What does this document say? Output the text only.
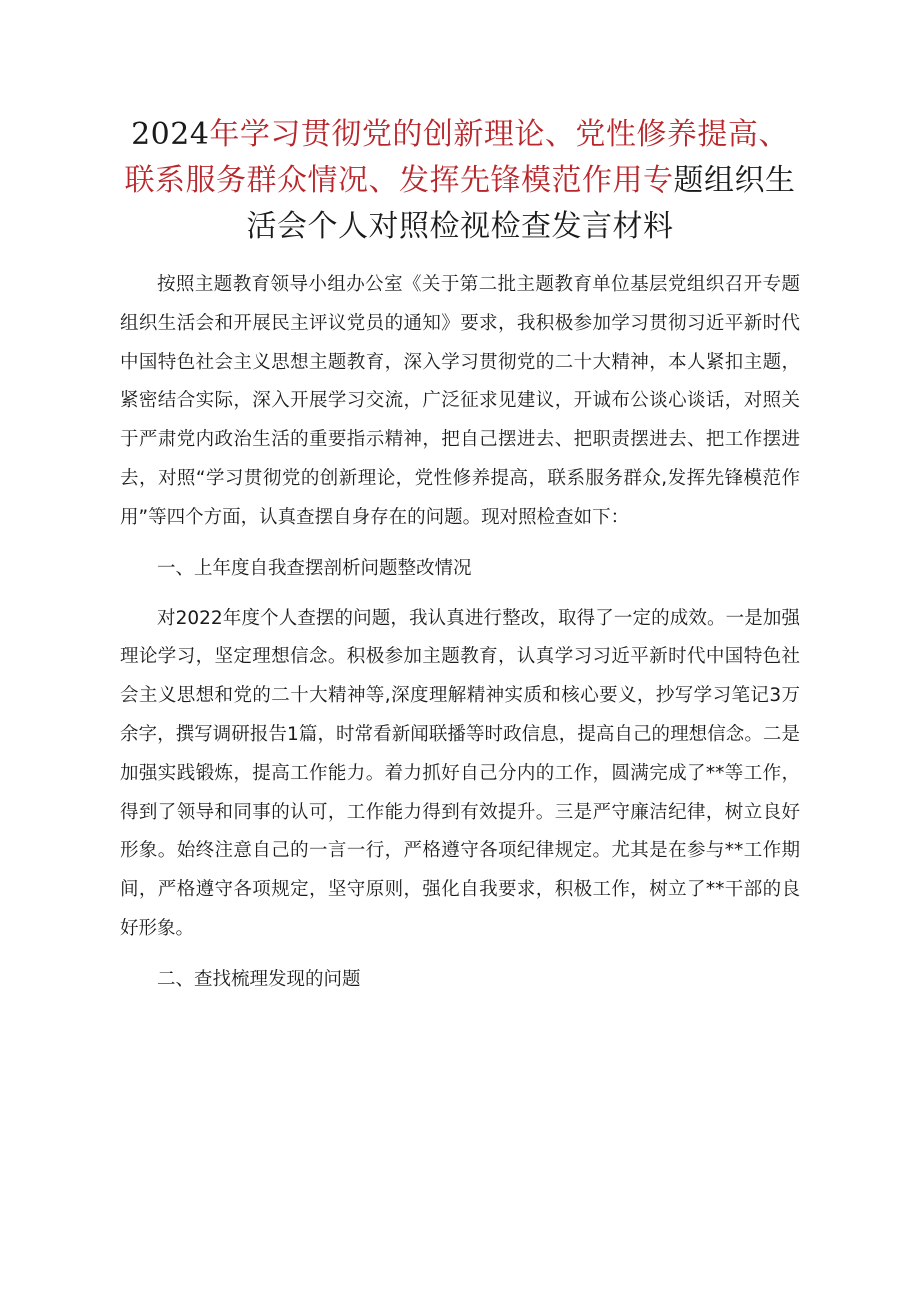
2024年学习贯彻党的创新理论、党性修养提高、联系服务群众情况、发挥先锋模范作用专题组织生活会个人对照检视检查发言材料

按照主题教育领导小组办公室《关于第二批主题教育单位基层党组织召开专题组织生活会和开展民主评议党员的通知》要求，我积极参加学习贯彻习近平新时代中国特色社会主义思想主题教育，深入学习贯彻党的二十大精神，本人紧扣主题，紧密结合实际，深入开展学习交流，广泛征求见建议，开诚布公谈心谈话，对照关于严肃党内政治生活的重要指示精神，把自己摆进去、把职责摆进去、把工作摆进去，对照“学习贯彻党的创新理论，党性修养提高，联系服务群众,发挥先锋模范作用”等四个方面，认真查摆自身存在的问题。现对照检查如下：

一、上年度自我查摆剖析问题整改情况

对2022年度个人查摆的问题，我认真进行整改，取得了一定的成效。一是加强理论学习，坚定理想信念。积极参加主题教育，认真学习习近平新时代中国特色社会主义思想和党的二十大精神等,深度理解精神实质和核心要义，抄写学习笔记3万余字，撰写调研报告1篇，时常看新闻联播等时政信息，提高自己的理想信念。二是加强实践锻炼，提高工作能力。着力抓好自己分内的工作，圆满完成了**等工作，得到了领导和同事的认可，工作能力得到有效提升。三是严守廉洁纪律，树立良好形象。始终注意自己的一言一行，严格遵守各项纪律规定。尤其是在参与**工作期间，严格遵守各项规定，坚守原则，强化自我要求，积极工作，树立了**干部的良好形象。

二、查找梳理发现的问题
